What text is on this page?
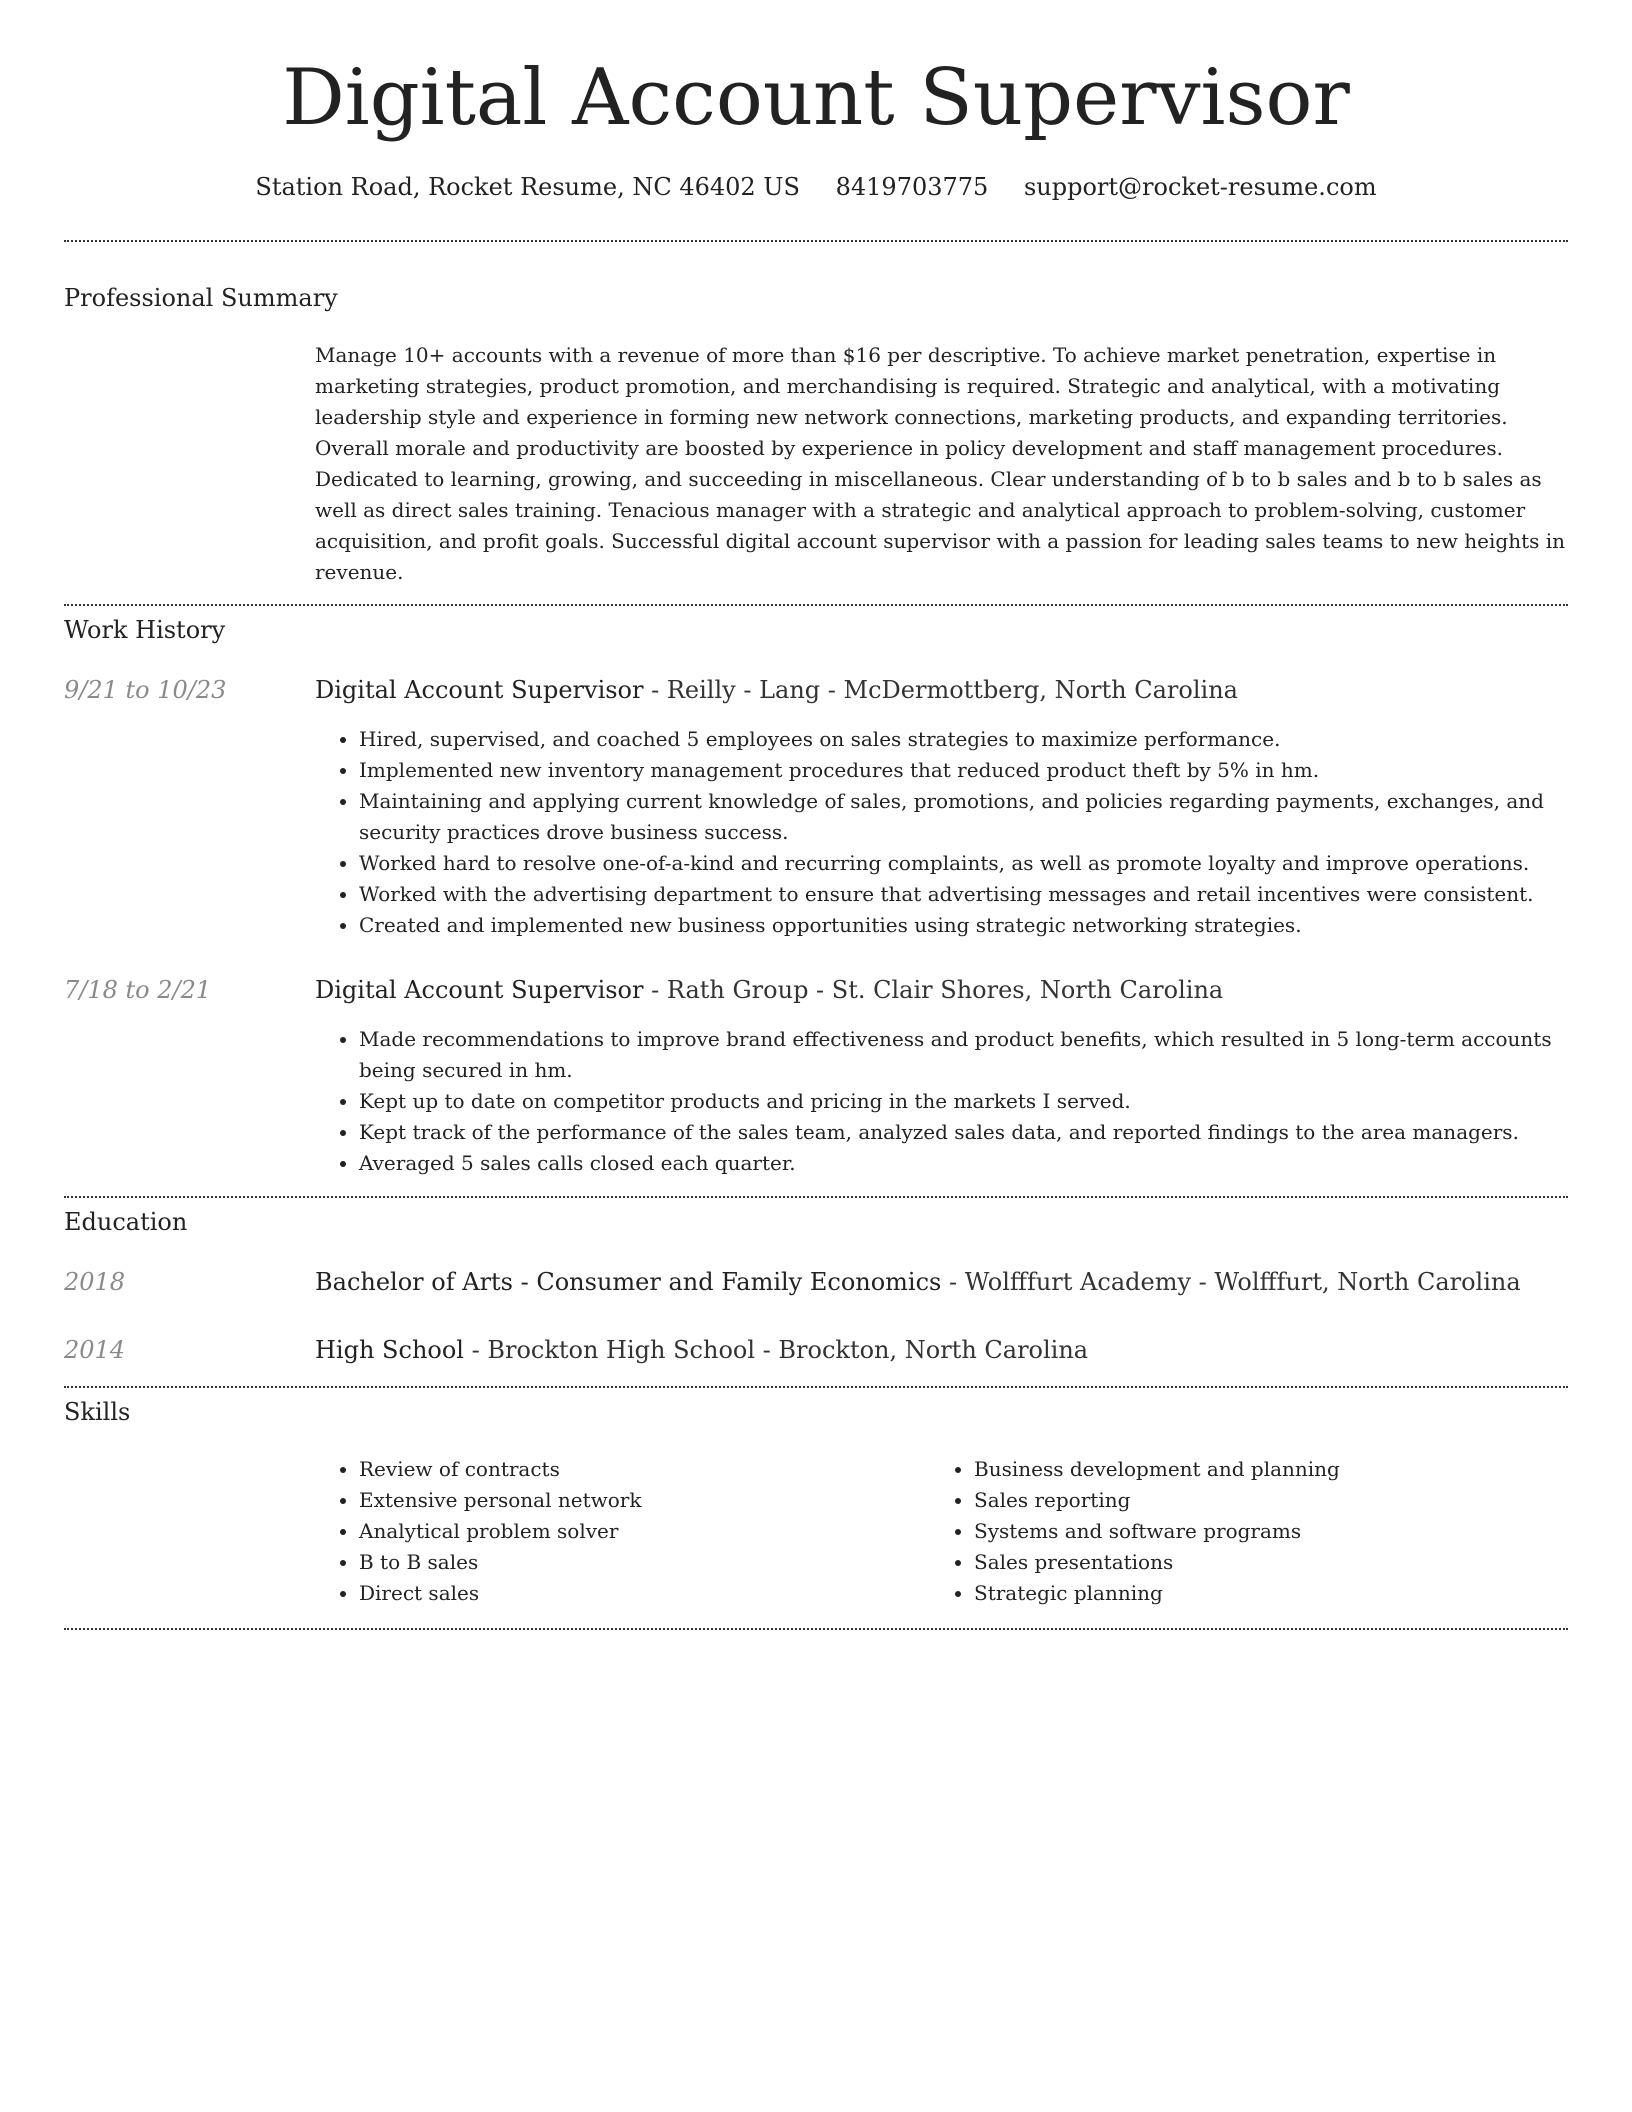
Digital Account Supervisor
Station Road, Rocket Resume, NC 46402 US 8419703775 support@rocket-resume.com
Professional Summary
Manage 10+ accounts with a revenue of more than $16 per descriptive. To achieve market penetration, expertise in marketing strategies, product promotion, and merchandising is required. Strategic and analytical, with a motivating leadership style and experience in forming new network connections, marketing products, and expanding territories. Overall morale and productivity are boosted by experience in policy development and staff management procedures. Dedicated to learning, growing, and succeeding in miscellaneous. Clear understanding of b to b sales and b to b sales as well as direct sales training. Tenacious manager with a strategic and analytical approach to problem-solving, customer acquisition, and profit goals. Successful digital account supervisor with a passion for leading sales teams to new heights in revenue.
Work History
9/21 to 10/23	Digital Account Supervisor - Reilly - Lang - McDermottberg, North Carolina
• Hired, supervised, and coached 5 employees on sales strategies to maximize performance.
• Implemented new inventory management procedures that reduced product theft by 5% in hm.
• Maintaining and applying current knowledge of sales, promotions, and policies regarding payments, exchanges, and security practices drove business success.
• Worked hard to resolve one-of-a-kind and recurring complaints, as well as promote loyalty and improve operations.
• Worked with the advertising department to ensure that advertising messages and retail incentives were consistent.
• Created and implemented new business opportunities using strategic networking strategies.
7/18 to 2/21	Digital Account Supervisor - Rath Group - St. Clair Shores, North Carolina
• Made recommendations to improve brand effectiveness and product benefits, which resulted in 5 long-term accounts being secured in hm.
• Kept up to date on competitor products and pricing in the markets I served.
• Kept track of the performance of the sales team, analyzed sales data, and reported findings to the area managers.
• Averaged 5 sales calls closed each quarter.
Education
2018	Bachelor of Arts - Consumer and Family Economics - Wolfffurt Academy - Wolfffurt, North Carolina
2014	High School - Brockton High School - Brockton, North Carolina
Skills
• Review of contracts
• Extensive personal network
• Analytical problem solver
• B to B sales
• Direct sales
• Business development and planning
• Sales reporting
• Systems and software programs
• Sales presentations
• Strategic planning
